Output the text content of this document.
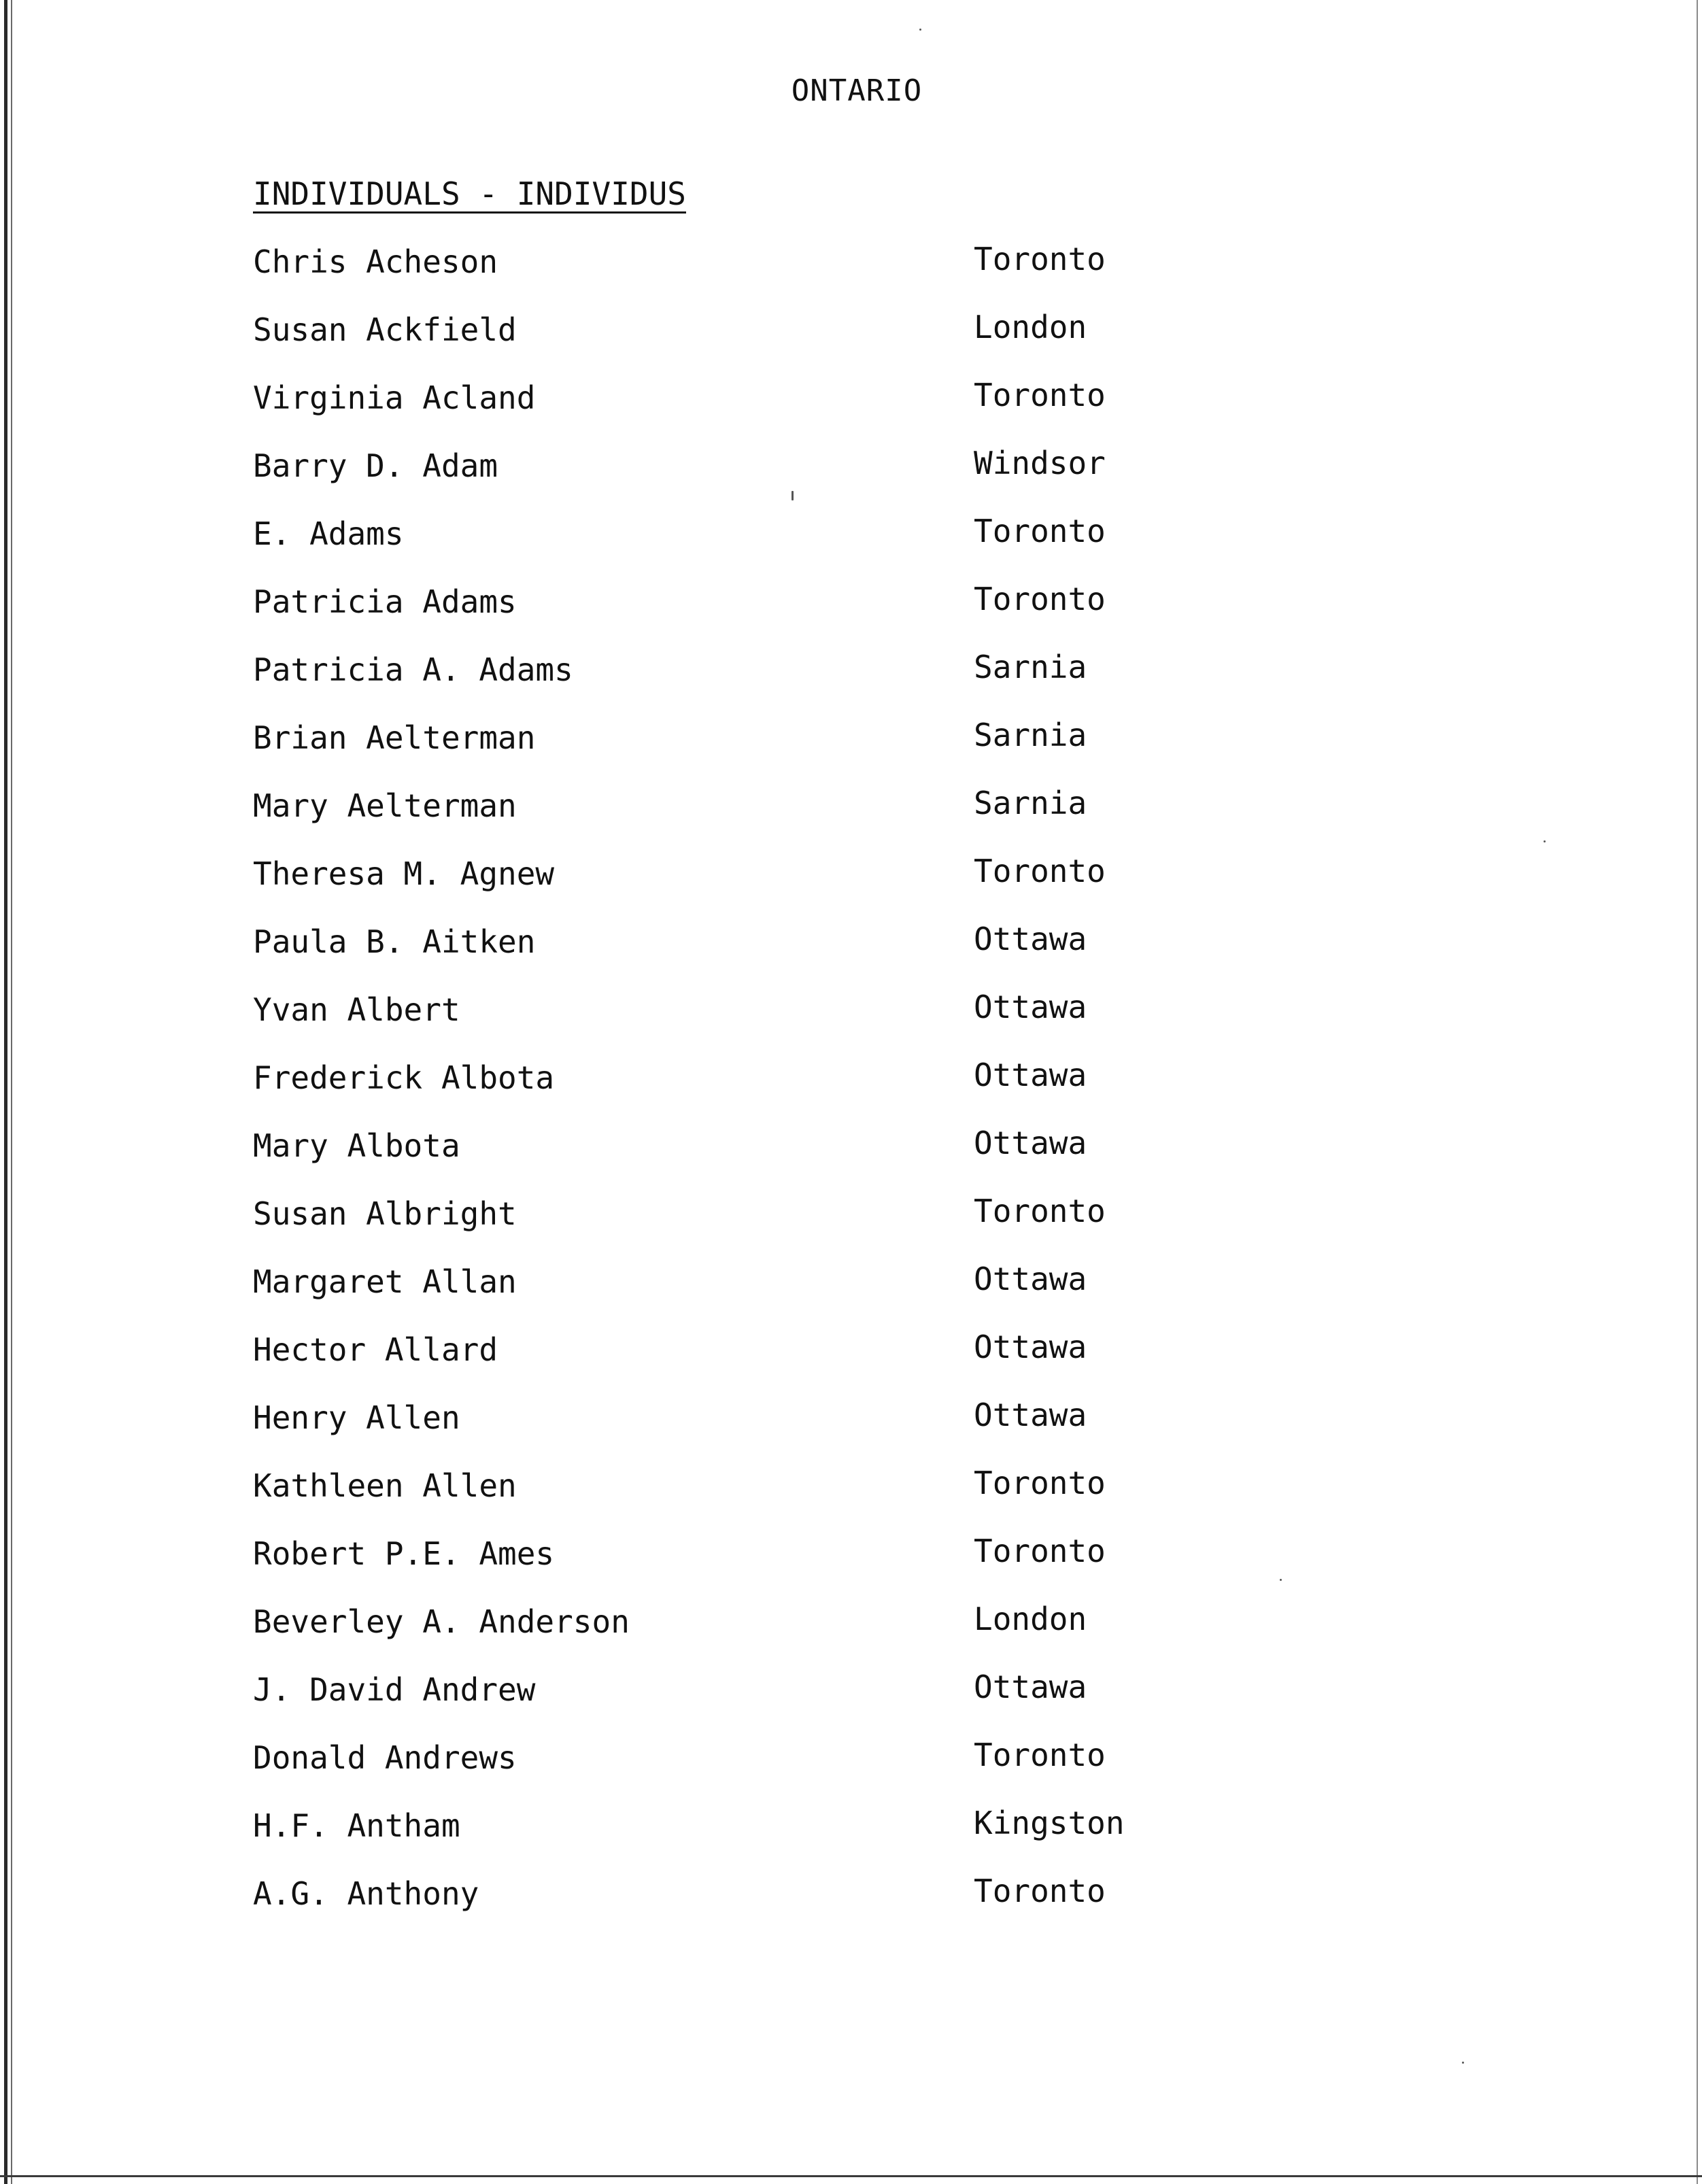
ONTARIO
INDIVIDUALS - INDIVIDUS
Chris Acheson	Toronto
Susan Ackfield	London
Virginia Acland	Toronto
Barry D. Adam	Windsor
E. Adams	Toronto
Patricia Adams	Toronto
Patricia A. Adams	Sarnia
Brian Aelterman	Sarnia
Mary Aelterman	Sarnia
Theresa M. Agnew	Toronto
Paula B. Aitken	Ottawa
Yvan Albert	Ottawa
Frederick Albota	Ottawa
Mary Albota	Ottawa
Susan Albright	Toronto
Margaret Allan	Ottawa
Hector Allard	Ottawa
Henry Allen	Ottawa
Kathleen Allen	Toronto
Robert P.E. Ames	Toronto
Beverley A. Anderson	London
J. David Andrew	Ottawa
Donald Andrews	Toronto
H.F. Antham	Kingston
A.G. Anthony	Toronto
